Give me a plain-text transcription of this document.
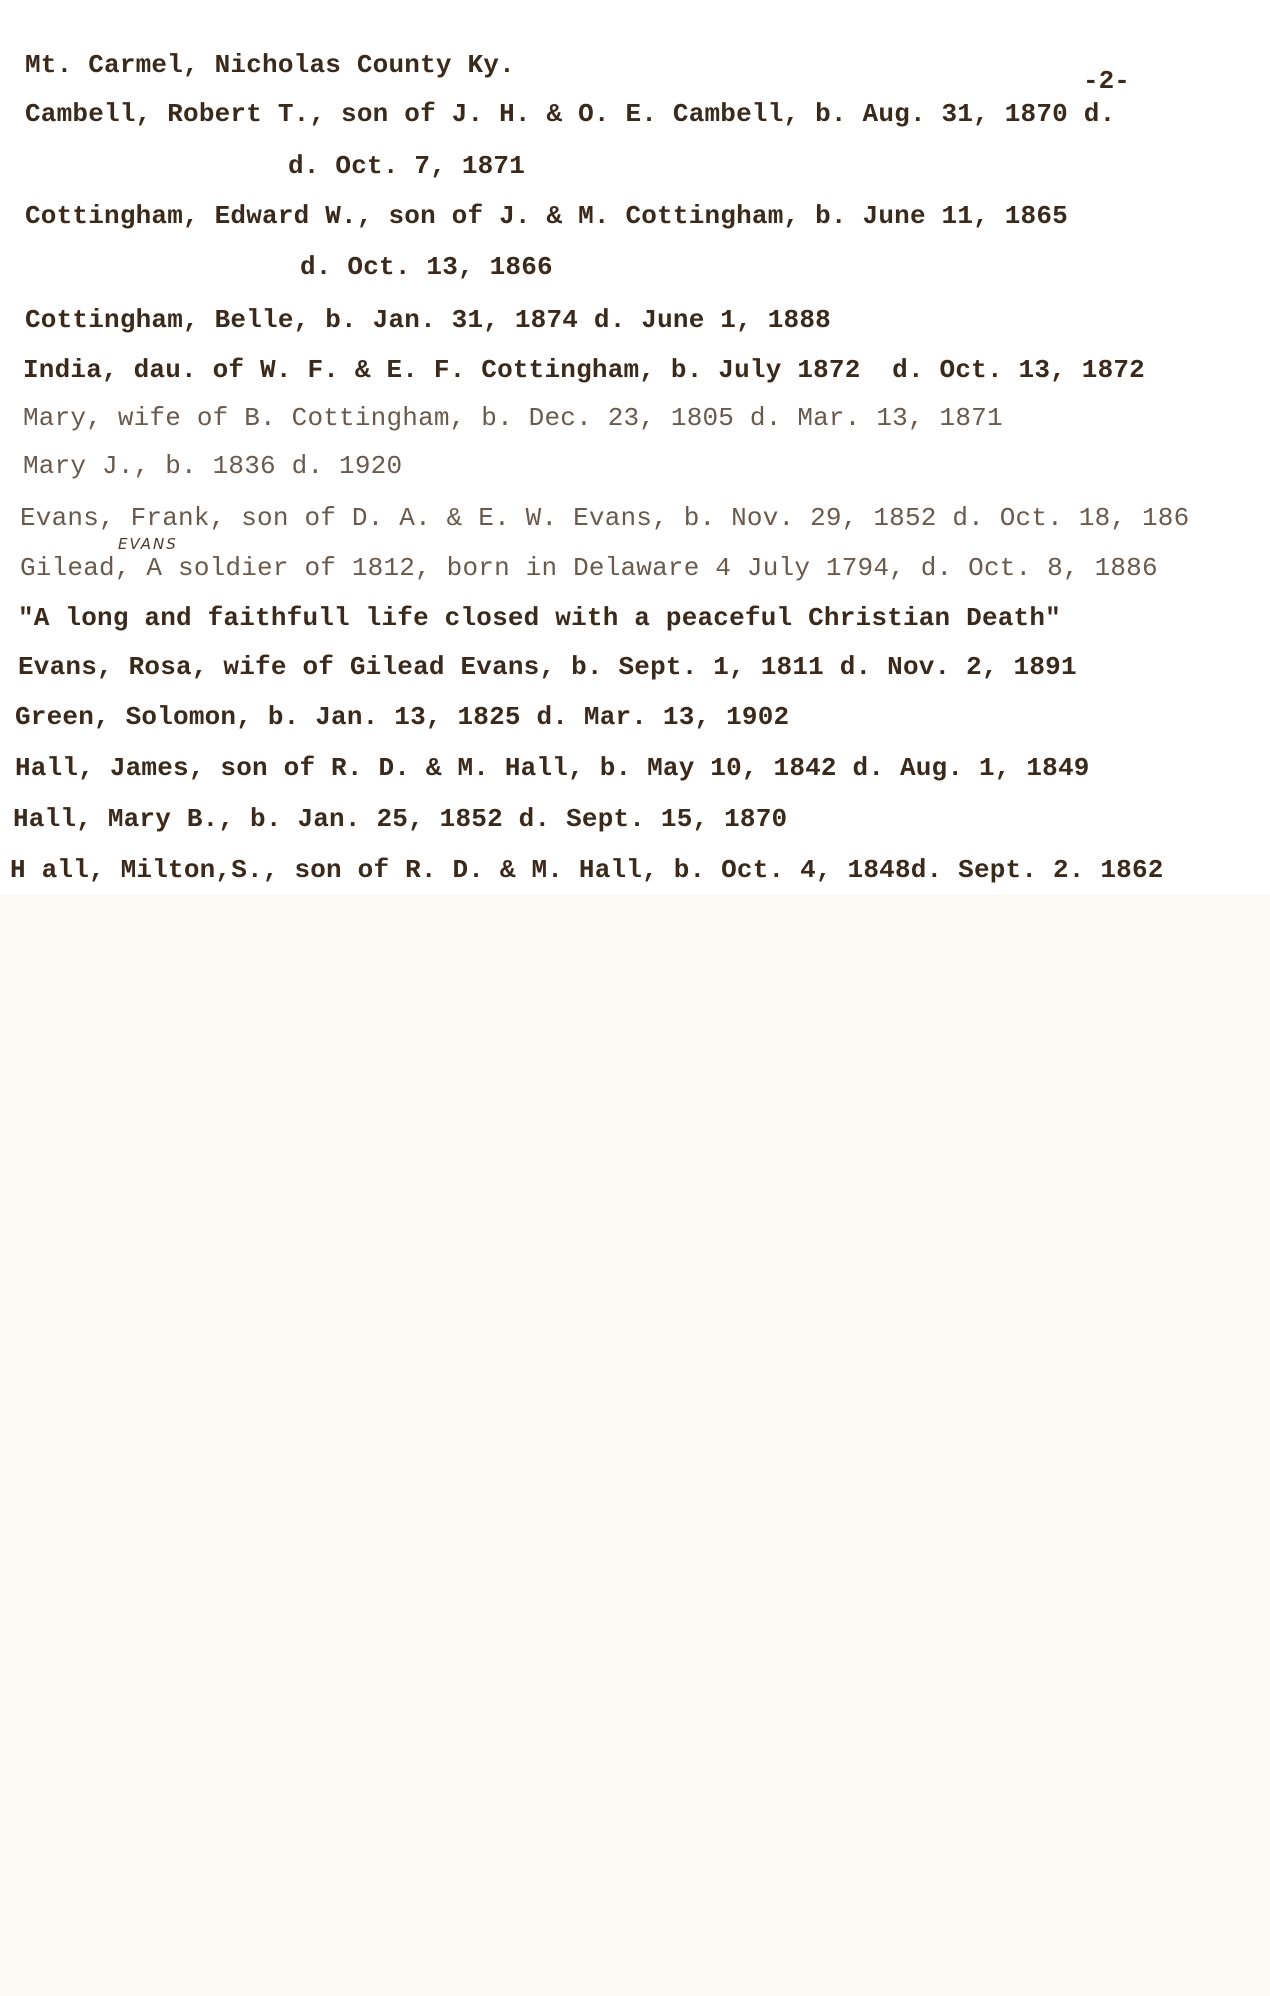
Mt. Carmel, Nicholas County Ky.
-2-
Cambell, Robert T., son of J. H. & O. E. Cambell, b. Aug. 31, 1870 d.
d. Oct. 7, 1871
Cottingham, Edward W., son of J. & M. Cottingham, b. June 11, 1865
d. Oct. 13, 1866
Cottingham, Belle, b. Jan. 31, 1874 d. June 1, 1888
India, dau. of W. F. & E. F. Cottingham, b. July 1872  d. Oct. 13, 1872
Mary, wife of B. Cottingham, b. Dec. 23, 1805 d. Mar. 13, 1871
Mary J., b. 1836 d. 1920
Evans, Frank, son of D. A. & E. W. Evans, b. Nov. 29, 1852 d. Oct. 18, 186
EVANS
Gilead, A soldier of 1812, born in Delaware 4 July 1794, d. Oct. 8, 1886
"A long and faithfull life closed with a peaceful Christian Death"
Evans, Rosa, wife of Gilead Evans, b. Sept. 1, 1811 d. Nov. 2, 1891
Green, Solomon, b. Jan. 13, 1825 d. Mar. 13, 1902
Hall, James, son of R. D. & M. Hall, b. May 10, 1842 d. Aug. 1, 1849
Hall, Mary B., b. Jan. 25, 1852 d. Sept. 15, 1870
H all, Milton,S., son of R. D. & M. Hall, b. Oct. 4, 1848d. Sept. 2. 1862
